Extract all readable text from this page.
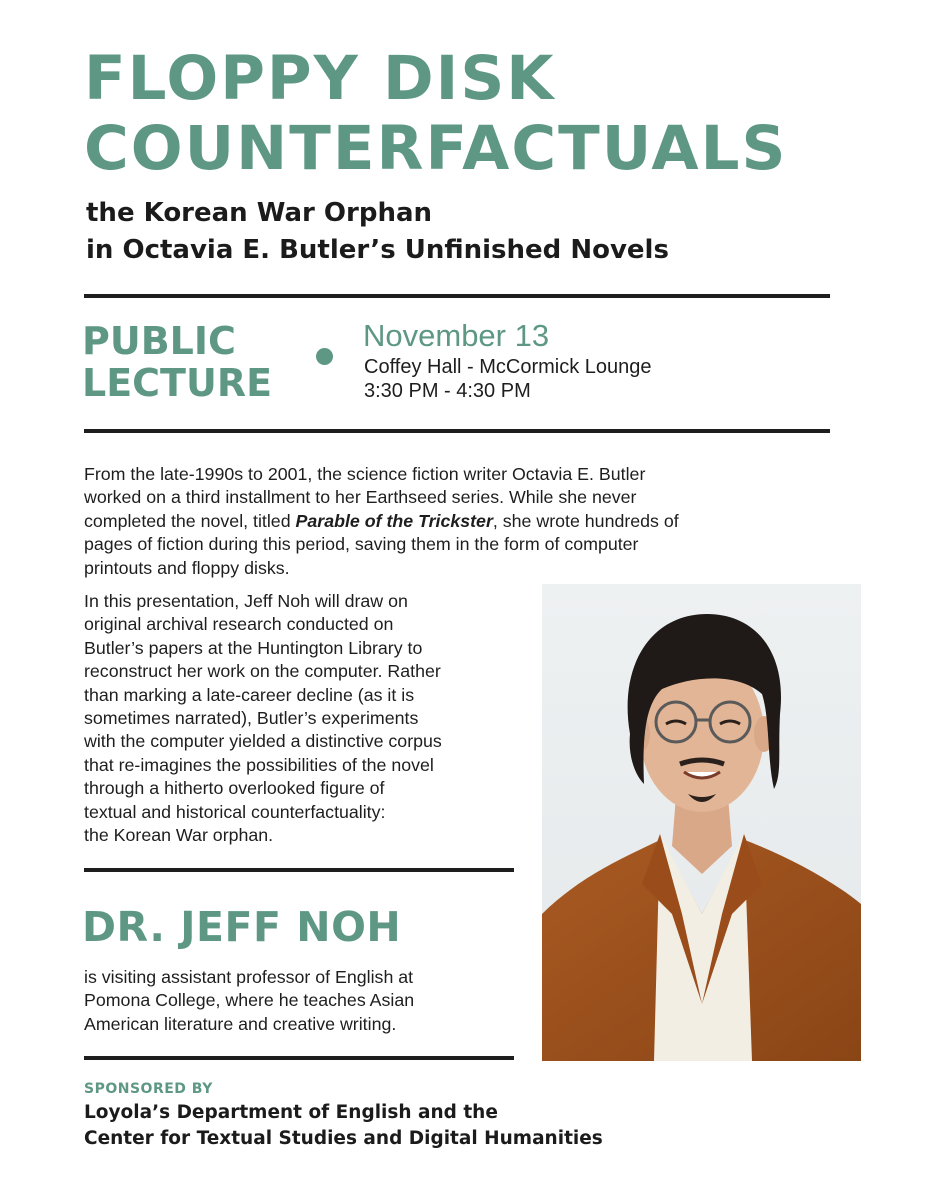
FLOPPY DISK
COUNTERFACTUALS
the Korean War Orphan
in Octavia E. Butler’s Unfinished Novels
PUBLIC
LECTURE
November 13
Coffey Hall - McCormick Lounge
3:30 PM - 4:30 PM

From the late-1990s to 2001, the science fiction writer Octavia E. Butler
worked on a third installment to her Earthseed series. While she never
completed the novel, titled Parable of the Trickster, she wrote hundreds of
pages of fiction during this period, saving them in the form of computer
printouts and floppy disks.

In this presentation, Jeff Noh will draw on
original archival research conducted on
Butler’s papers at the Huntington Library to
reconstruct her work on the computer. Rather
than marking a late-career decline (as it is
sometimes narrated), Butler’s experiments
with the computer yielded a distinctive corpus
that re-imagines the possibilities of the novel
through a hitherto overlooked figure of
textual and historical counterfactuality:
the Korean War orphan.

DR. JEFF NOH

is visiting assistant professor of English at
Pomona College, where he teaches Asian
American literature and creative writing.

SPONSORED BY
Loyola’s Department of English and the
Center for Textual Studies and Digital Humanities
